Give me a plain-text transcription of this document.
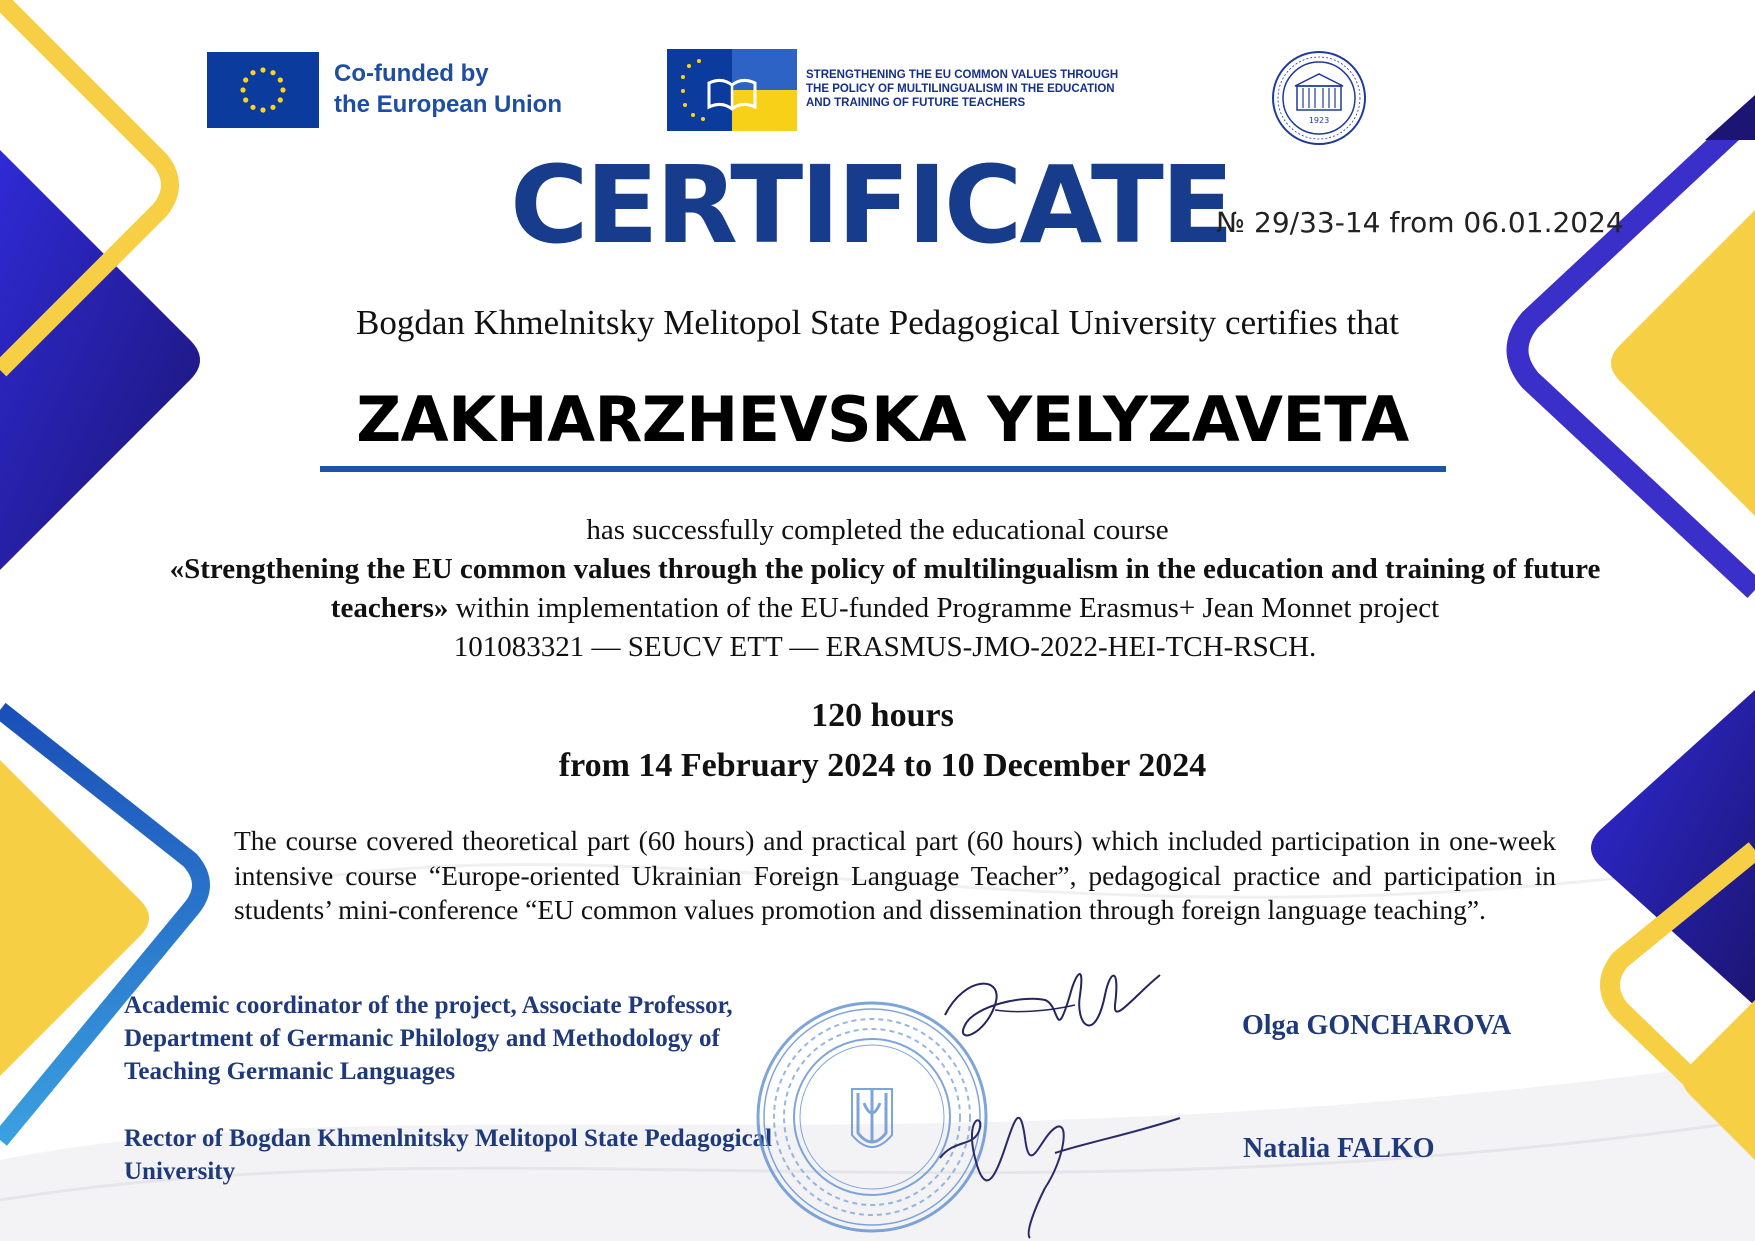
Co-funded by
the European Union
STRENGTHENING THE EU COMMON VALUES THROUGH
THE POLICY OF MULTILINGUALISM IN THE EDUCATION
AND TRAINING OF FUTURE TEACHERS
1923
CERTIFICATE
№ 29/33-14 from 06.01.2024
Bogdan Khmelnitsky Melitopol State Pedagogical University certifies that
ZAKHARZHEVSKA YELYZAVETA
has successfully completed the educational course
«Strengthening the EU common values through the policy of multilingualism in the education and training of future teachers» within implementation of the EU-funded Programme Erasmus+ Jean Monnet project
101083321 — SEUCV ETT — ERASMUS-JMO-2022-HEI-TCH-RSCH.
120 hours
from 14 February 2024 to 10 December 2024
The course covered theoretical part (60 hours) and practical part (60 hours) which included participation in one-week intensive course “Europe-oriented Ukrainian Foreign Language Teacher”, pedagogical practice and participation in students’ mini-conference “EU common values promotion and dissemination through foreign language teaching”.
Academic coordinator of the project, Associate Professor,
Department of Germanic Philology and Methodology of
Teaching Germanic Languages
Rector of Bogdan Khmenlnitsky Melitopol State Pedagogical
University
Olga GONCHAROVA
Natalia FALKO
